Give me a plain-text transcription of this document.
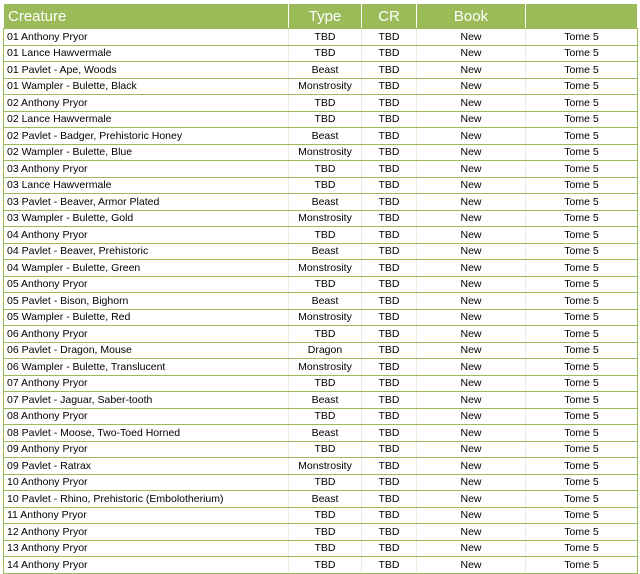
Creature	Type	CR	Book	
01 Anthony Pryor	TBD	TBD	New	Tome 5
01 Lance Hawvermale	TBD	TBD	New	Tome 5
01 Pavlet - Ape, Woods	Beast	TBD	New	Tome 5
01 Wampler - Bulette, Black	Monstrosity	TBD	New	Tome 5
02 Anthony Pryor	TBD	TBD	New	Tome 5
02 Lance Hawvermale	TBD	TBD	New	Tome 5
02 Pavlet - Badger, Prehistoric Honey	Beast	TBD	New	Tome 5
02 Wampler - Bulette, Blue	Monstrosity	TBD	New	Tome 5
03 Anthony Pryor	TBD	TBD	New	Tome 5
03 Lance Hawvermale	TBD	TBD	New	Tome 5
03 Pavlet - Beaver, Armor Plated	Beast	TBD	New	Tome 5
03 Wampler - Bulette, Gold	Monstrosity	TBD	New	Tome 5
04 Anthony Pryor	TBD	TBD	New	Tome 5
04 Pavlet - Beaver, Prehistoric	Beast	TBD	New	Tome 5
04 Wampler - Bulette, Green	Monstrosity	TBD	New	Tome 5
05 Anthony Pryor	TBD	TBD	New	Tome 5
05 Pavlet - Bison, Bighorn	Beast	TBD	New	Tome 5
05 Wampler - Bulette, Red	Monstrosity	TBD	New	Tome 5
06 Anthony Pryor	TBD	TBD	New	Tome 5
06 Pavlet - Dragon, Mouse	Dragon	TBD	New	Tome 5
06 Wampler - Bulette, Translucent	Monstrosity	TBD	New	Tome 5
07 Anthony Pryor	TBD	TBD	New	Tome 5
07 Pavlet - Jaguar, Saber-tooth	Beast	TBD	New	Tome 5
08 Anthony Pryor	TBD	TBD	New	Tome 5
08 Pavlet - Moose, Two-Toed Horned	Beast	TBD	New	Tome 5
09 Anthony Pryor	TBD	TBD	New	Tome 5
09 Pavlet - Ratrax	Monstrosity	TBD	New	Tome 5
10 Anthony Pryor	TBD	TBD	New	Tome 5
10 Pavlet - Rhino, Prehistoric (Embolotherium)	Beast	TBD	New	Tome 5
11 Anthony Pryor	TBD	TBD	New	Tome 5
12 Anthony Pryor	TBD	TBD	New	Tome 5
13 Anthony Pryor	TBD	TBD	New	Tome 5
14 Anthony Pryor	TBD	TBD	New	Tome 5
